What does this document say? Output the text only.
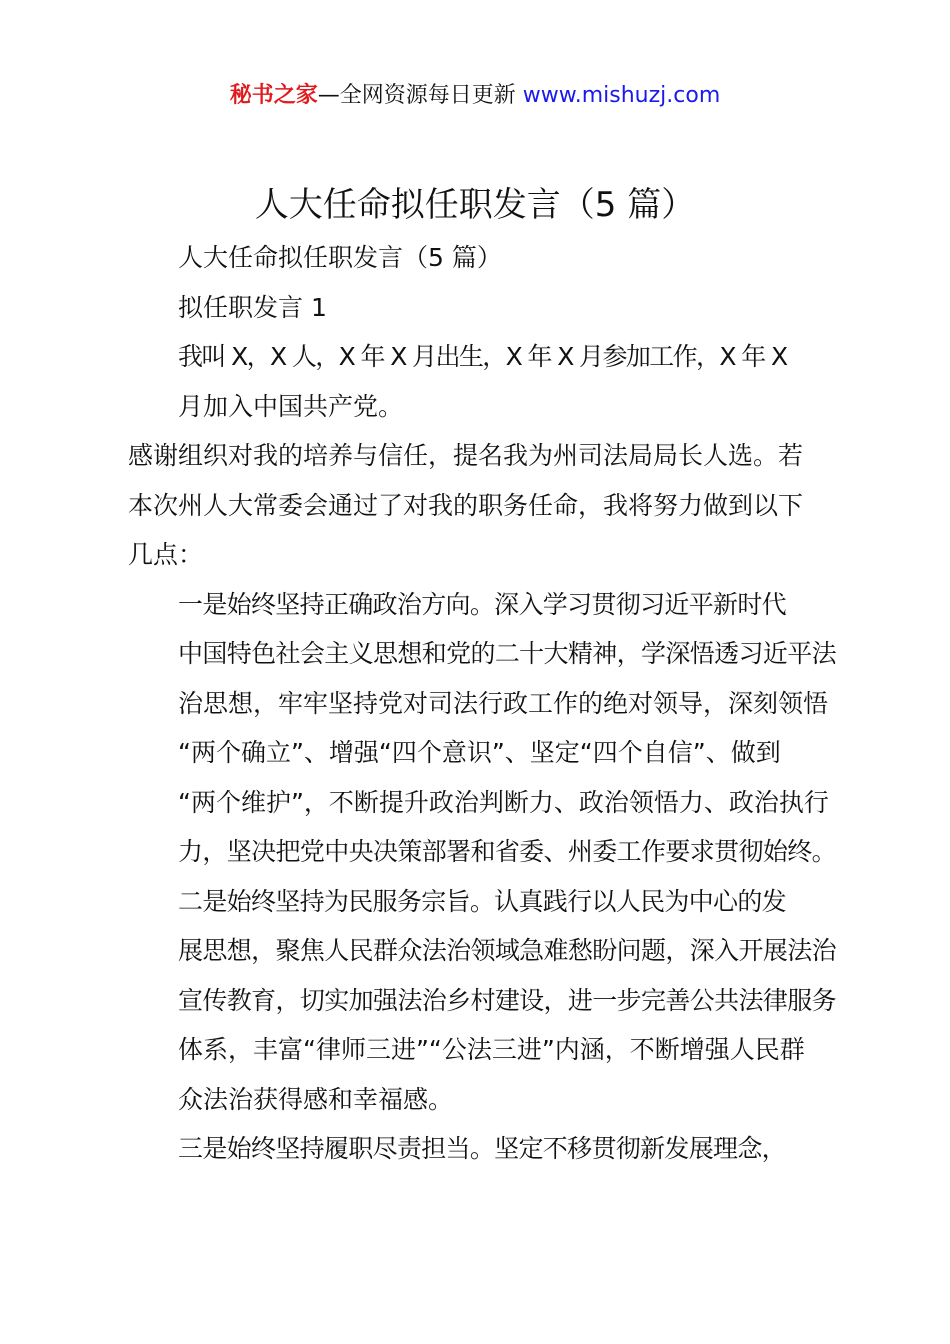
秘书之家—全网资源每日更新 www.mishuzj.com
人大任命拟任职发言（5 篇）
人大任命拟任职发言（5 篇）
拟任职发言 1
我叫 X，X 人，X 年 X 月出生，X 年 X 月参加工作，X 年 X
月加入中国共产党。
感谢组织对我的培养与信任，提名我为州司法局局长人选。若
本次州人大常委会通过了对我的职务任命，我将努力做到以下
几点：
一是始终坚持正确政治方向。深入学习贯彻习近平新时代
中国特色社会主义思想和党的二十大精神，学深悟透习近平法
治思想，牢牢坚持党对司法行政工作的绝对领导，深刻领悟
“两个确立”、增强“四个意识”、坚定“四个自信”、做到
“两个维护”，不断提升政治判断力、政治领悟力、政治执行
力，坚决把党中央决策部署和省委、州委工作要求贯彻始终。
二是始终坚持为民服务宗旨。认真践行以人民为中心的发
展思想，聚焦人民群众法治领域急难愁盼问题，深入开展法治
宣传教育，切实加强法治乡村建设，进一步完善公共法律服务
体系，丰富“律师三进”“公法三进”内涵，不断增强人民群
众法治获得感和幸福感。
三是始终坚持履职尽责担当。坚定不移贯彻新发展理念，
